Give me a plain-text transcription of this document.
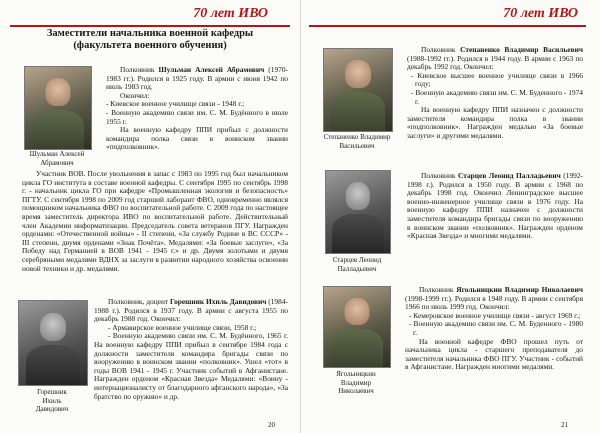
70 лет ИВО
Заместители начальника военной кафедры
(факультета военного обучения)
Шульман Алексей
Абрамович

Полковник Шульман Алексей Абрамович (1970-1983 гг.). Родился в 1925 году. В армии с июня 1942 по июль 1983 год.

Окончил:

- Киевское военное училище связи - 1948 г.;

- Военную академию связи им. С. М. Будённого в июле 1955 г.

На военную кафедру ППИ прибыл с должности командира полка связи в воинском звании «подполковник».

Участник ВОВ. После увольнения в запас с 1983 по 1995 год был начальником цикла ГО института в составе военной кафедры. С сентября 1995 по сентябрь 1998 г. - начальник цикла ГО при кафедре «Промышленная экология и безопасность» ПГТУ. С сентября 1998 по 2009 год старший лаборант ФВО, одновременно являлся помощником начальника ФВО по воспитательной работе. С 2009 года по настоящее время заместитель директора ИВО по воспитательной работе. Действительный член Академии информатизации. Председатель совета ветеранов ПГУ. Награжден орденами: «Отечественной войны» - II степени, «За службу Родине в ВС СССР» - III степени, двумя орденами «Знак Почёта». Медалями: «За боевые заслуги», «За Победу над Германией в ВОВ 1941 - 1945 г.» и др. Двумя золотыми и двумя серебряными медалями ВДНХ за заслуги в развитии народного хозяйства освоении новой техники и др. медалями.

Горешник
Ихиль
Давидович

Полковник, доцент Горешник Ихиль Давидович (1984-1988 г.). Родился в 1937 году. В армии с августа 1955 по декабрь 1988 год. Окончил:

- Армавирское военное училище связи, 1958 г.;

- Военную академию связи им. С. М. Будённого, 1965 г. На военную кафедру ППИ прибыл в сентябре 1984 года с должности заместителя командира бригады связи по вооружению в воинском звании «полковник». Ушел «тот» в годы ВОВ 1941 - 1945 г. Участник событий в Афганистане. Награжден орденом «Красная Звезда» Медалями: «Воину - интернационалисту от благодарного афганского народа», «За братство по оружию» и др.

20
70 лет ИВО
Степаненко Владимир
Васильевич

Полковник Степаненко Владимир Васильевич (1988-1992 гг.). Родился в 1944 году. В армии с 1963 по декабрь 1992 год. Окончил:

- Киевское высшее военное училище связи в 1966 году;

- Военную академию связи им. С. М. Буденного - 1974 г.

На военную кафедру ППИ назначен с должности заместителя командира полка в звании «подполковник». Награжден медалью «За боевые заслуги» и другими медалями.

Старцев Леонид
Палладьевич

Полковник Старцев Леонид Палладьевич (1992-1998 г.). Родился в 1950 году. В армии с 1968 по декабрь 1998 год. Окончил Ленинградское высшее военно-инженерное училище связи в 1976 году. На военную кафедру ППИ назначен с должности заместителя командира бригады связи по вооружению в воинском звании «полковник». Награжден орденом «Красная Звезда» и многими медалями.

Ягольницкин
Владимир
Николаевич

Полковник Ягольницкин Владимир Николаевич (1998-1999 гг.). Родился в 1948 году. В армии с сентября 1966 по июль 1999 год. Окончил:

- Кемеровское военное училище связи - август 1969 г.;

- Военную академию связи им. С. М. Буденного - 1980 г.

На военной кафедре ФВО прошел путь от начальника цикла - старшего преподавателя до заместителя начальника ФВО ПГУ. Участник - событий в Афганистане. Награжден многими медалями.

21
